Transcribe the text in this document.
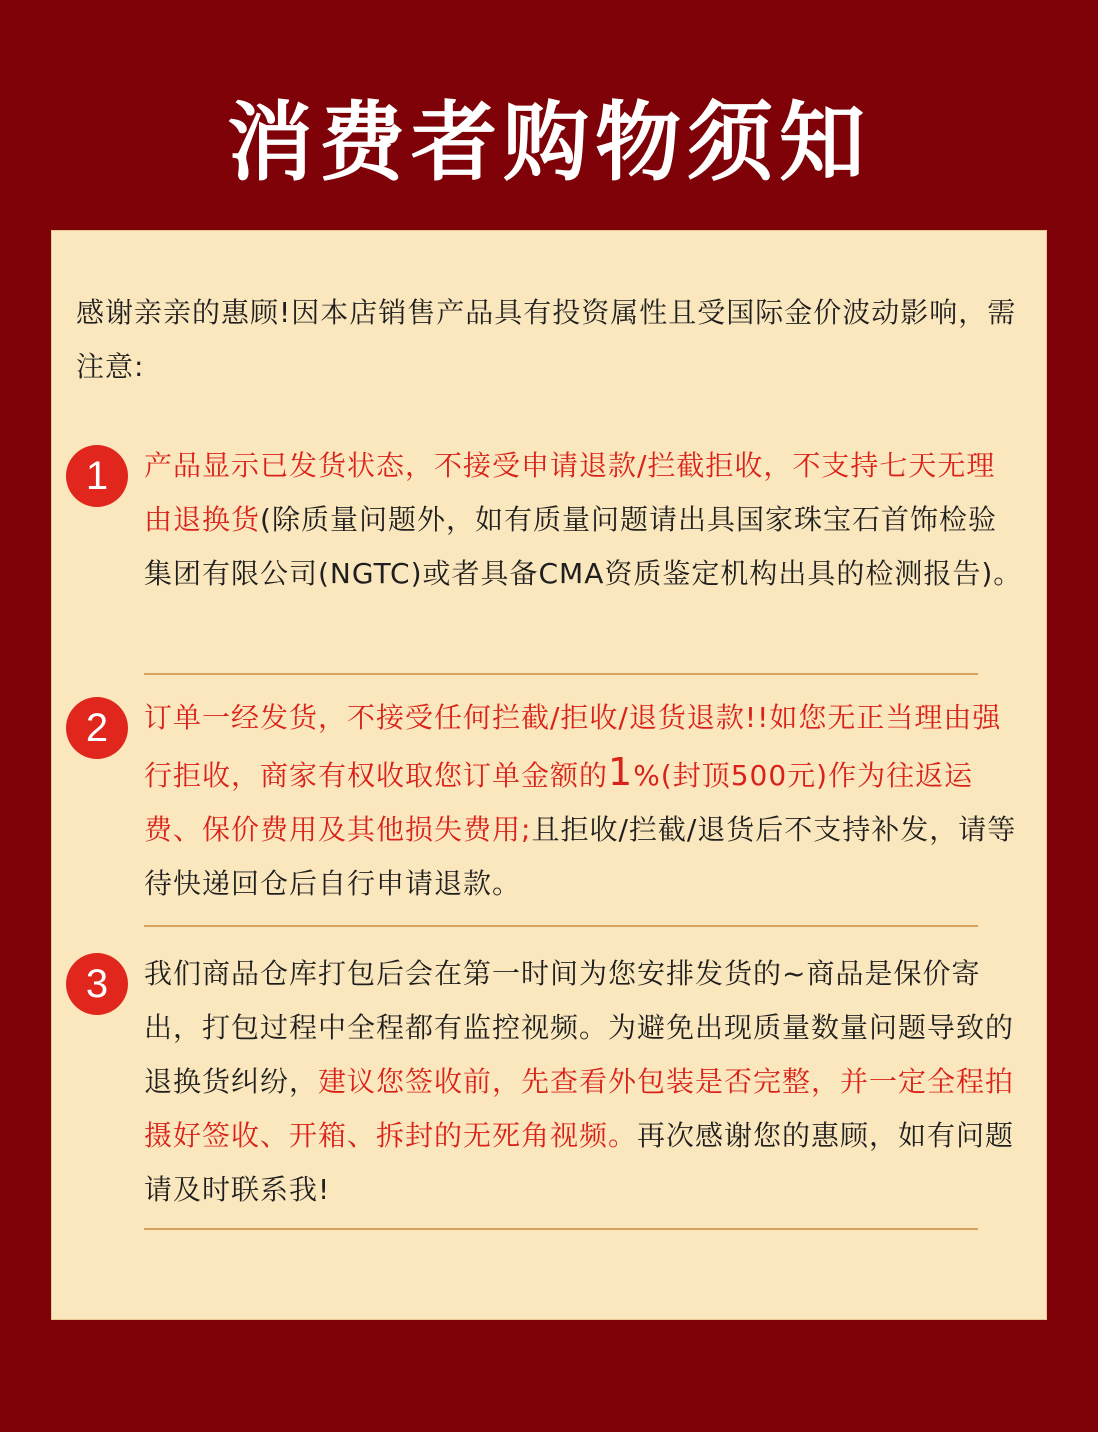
消费者购物须知
感谢亲亲的惠顾!因本店销售产品具有投资属性且受国际金价波动影响，需注意:
1	产品显示已发货状态，不接受申请退款/拦截拒收，不支持七天无理由退换货(除质量问题外，如有质量问题请出具国家珠宝石首饰检验集团有限公司(NGTC)或者具备CMA资质鉴定机构出具的检测报告)。
2	订单一经发货，不接受任何拦截/拒收/退货退款!!如您无正当理由强行拒收，商家有权收取您订单金额的1%(封顶500元)作为往返运费、保价费用及其他损失费用;且拒收/拦截/退货后不支持补发，请等待快递回仓后自行申请退款。
3	我们商品仓库打包后会在第一时间为您安排发货的~商品是保价寄出，打包过程中全程都有监控视频。为避免出现质量数量问题导致的退换货纠纷，建议您签收前，先查看外包装是否完整，并一定全程拍摄好签收、开箱、拆封的无死角视频。再次感谢您的惠顾，如有问题请及时联系我!
